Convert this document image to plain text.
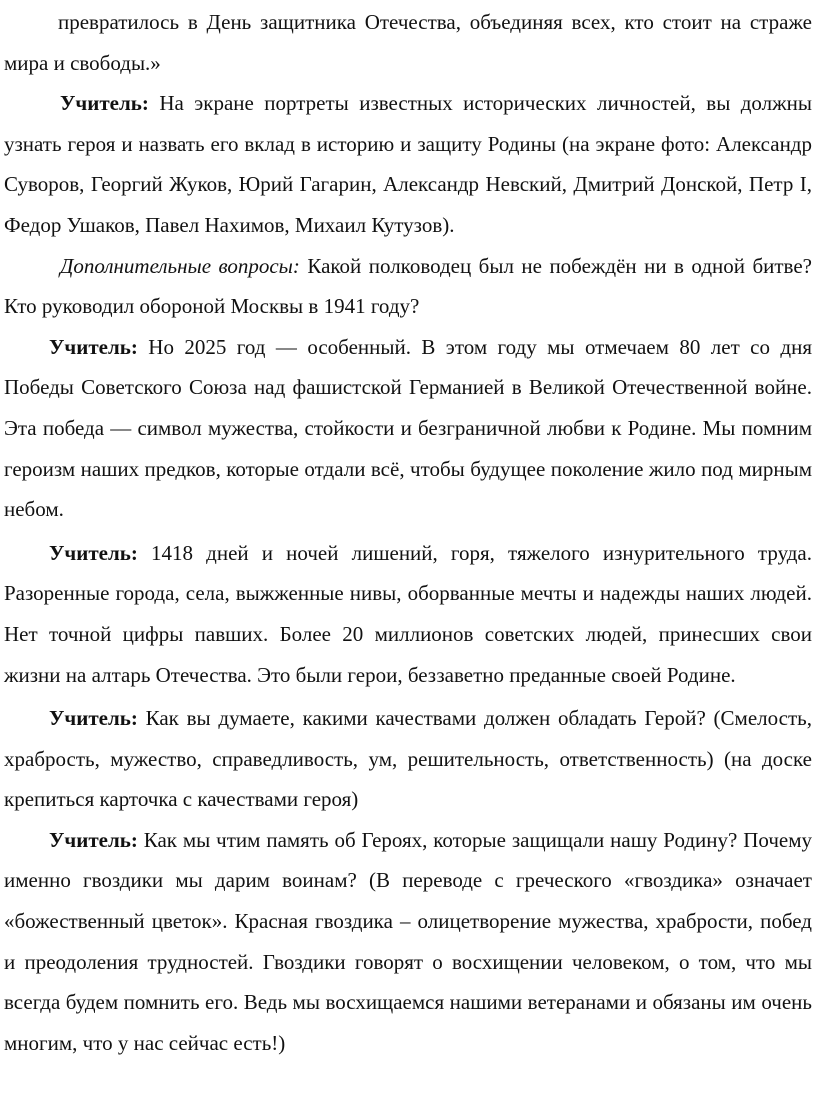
превратилось в День защитника Отечества, объединяя всех, кто стоит на страже мира и свободы.»

Учитель: На экране портреты известных исторических личностей, вы должны узнать героя и назвать его вклад в историю и защиту Родины (на экране фото: Александр Суворов, Георгий Жуков, Юрий Гагарин, Александр Невский, Дмитрий Донской, Петр I, Федор Ушаков, Павел Нахимов, Михаил Кутузов).

Дополнительные вопросы: Какой полководец был не побеждён ни в одной битве? Кто руководил обороной Москвы в 1941 году?

Учитель: Но 2025 год — особенный. В этом году мы отмечаем 80 лет со дня Победы Советского Союза над фашистской Германией в Великой Отечественной войне. Эта победа — символ мужества, стойкости и безграничной любви к Родине. Мы помним героизм наших предков, которые отдали всё, чтобы будущее поколение жило под мирным небом.

Учитель: 1418 дней и ночей лишений, горя, тяжелого изнурительного труда. Разоренные города, села, выжженные нивы, оборванные мечты и надежды наших людей. Нет точной цифры павших. Более 20 миллионов советских людей, принесших свои жизни на алтарь Отечества. Это были герои, беззаветно преданные своей Родине.

Учитель: Как вы думаете, какими качествами должен обладать Герой? (Смелость, храбрость, мужество, справедливость, ум, решительность, ответственность) (на доске крепиться карточка с качествами героя)

Учитель: Как мы чтим память об Героях, которые защищали нашу Родину? Почему именно гвоздики мы дарим воинам? (В переводе с греческого «гвоздика» означает «божественный цветок». Красная гвоздика – олицетворение мужества, храбрости, побед и преодоления трудностей. Гвоздики говорят о восхищении человеком, о том, что мы всегда будем помнить его. Ведь мы восхищаемся нашими ветеранами и обязаны им очень многим, что у нас сейчас есть!)
